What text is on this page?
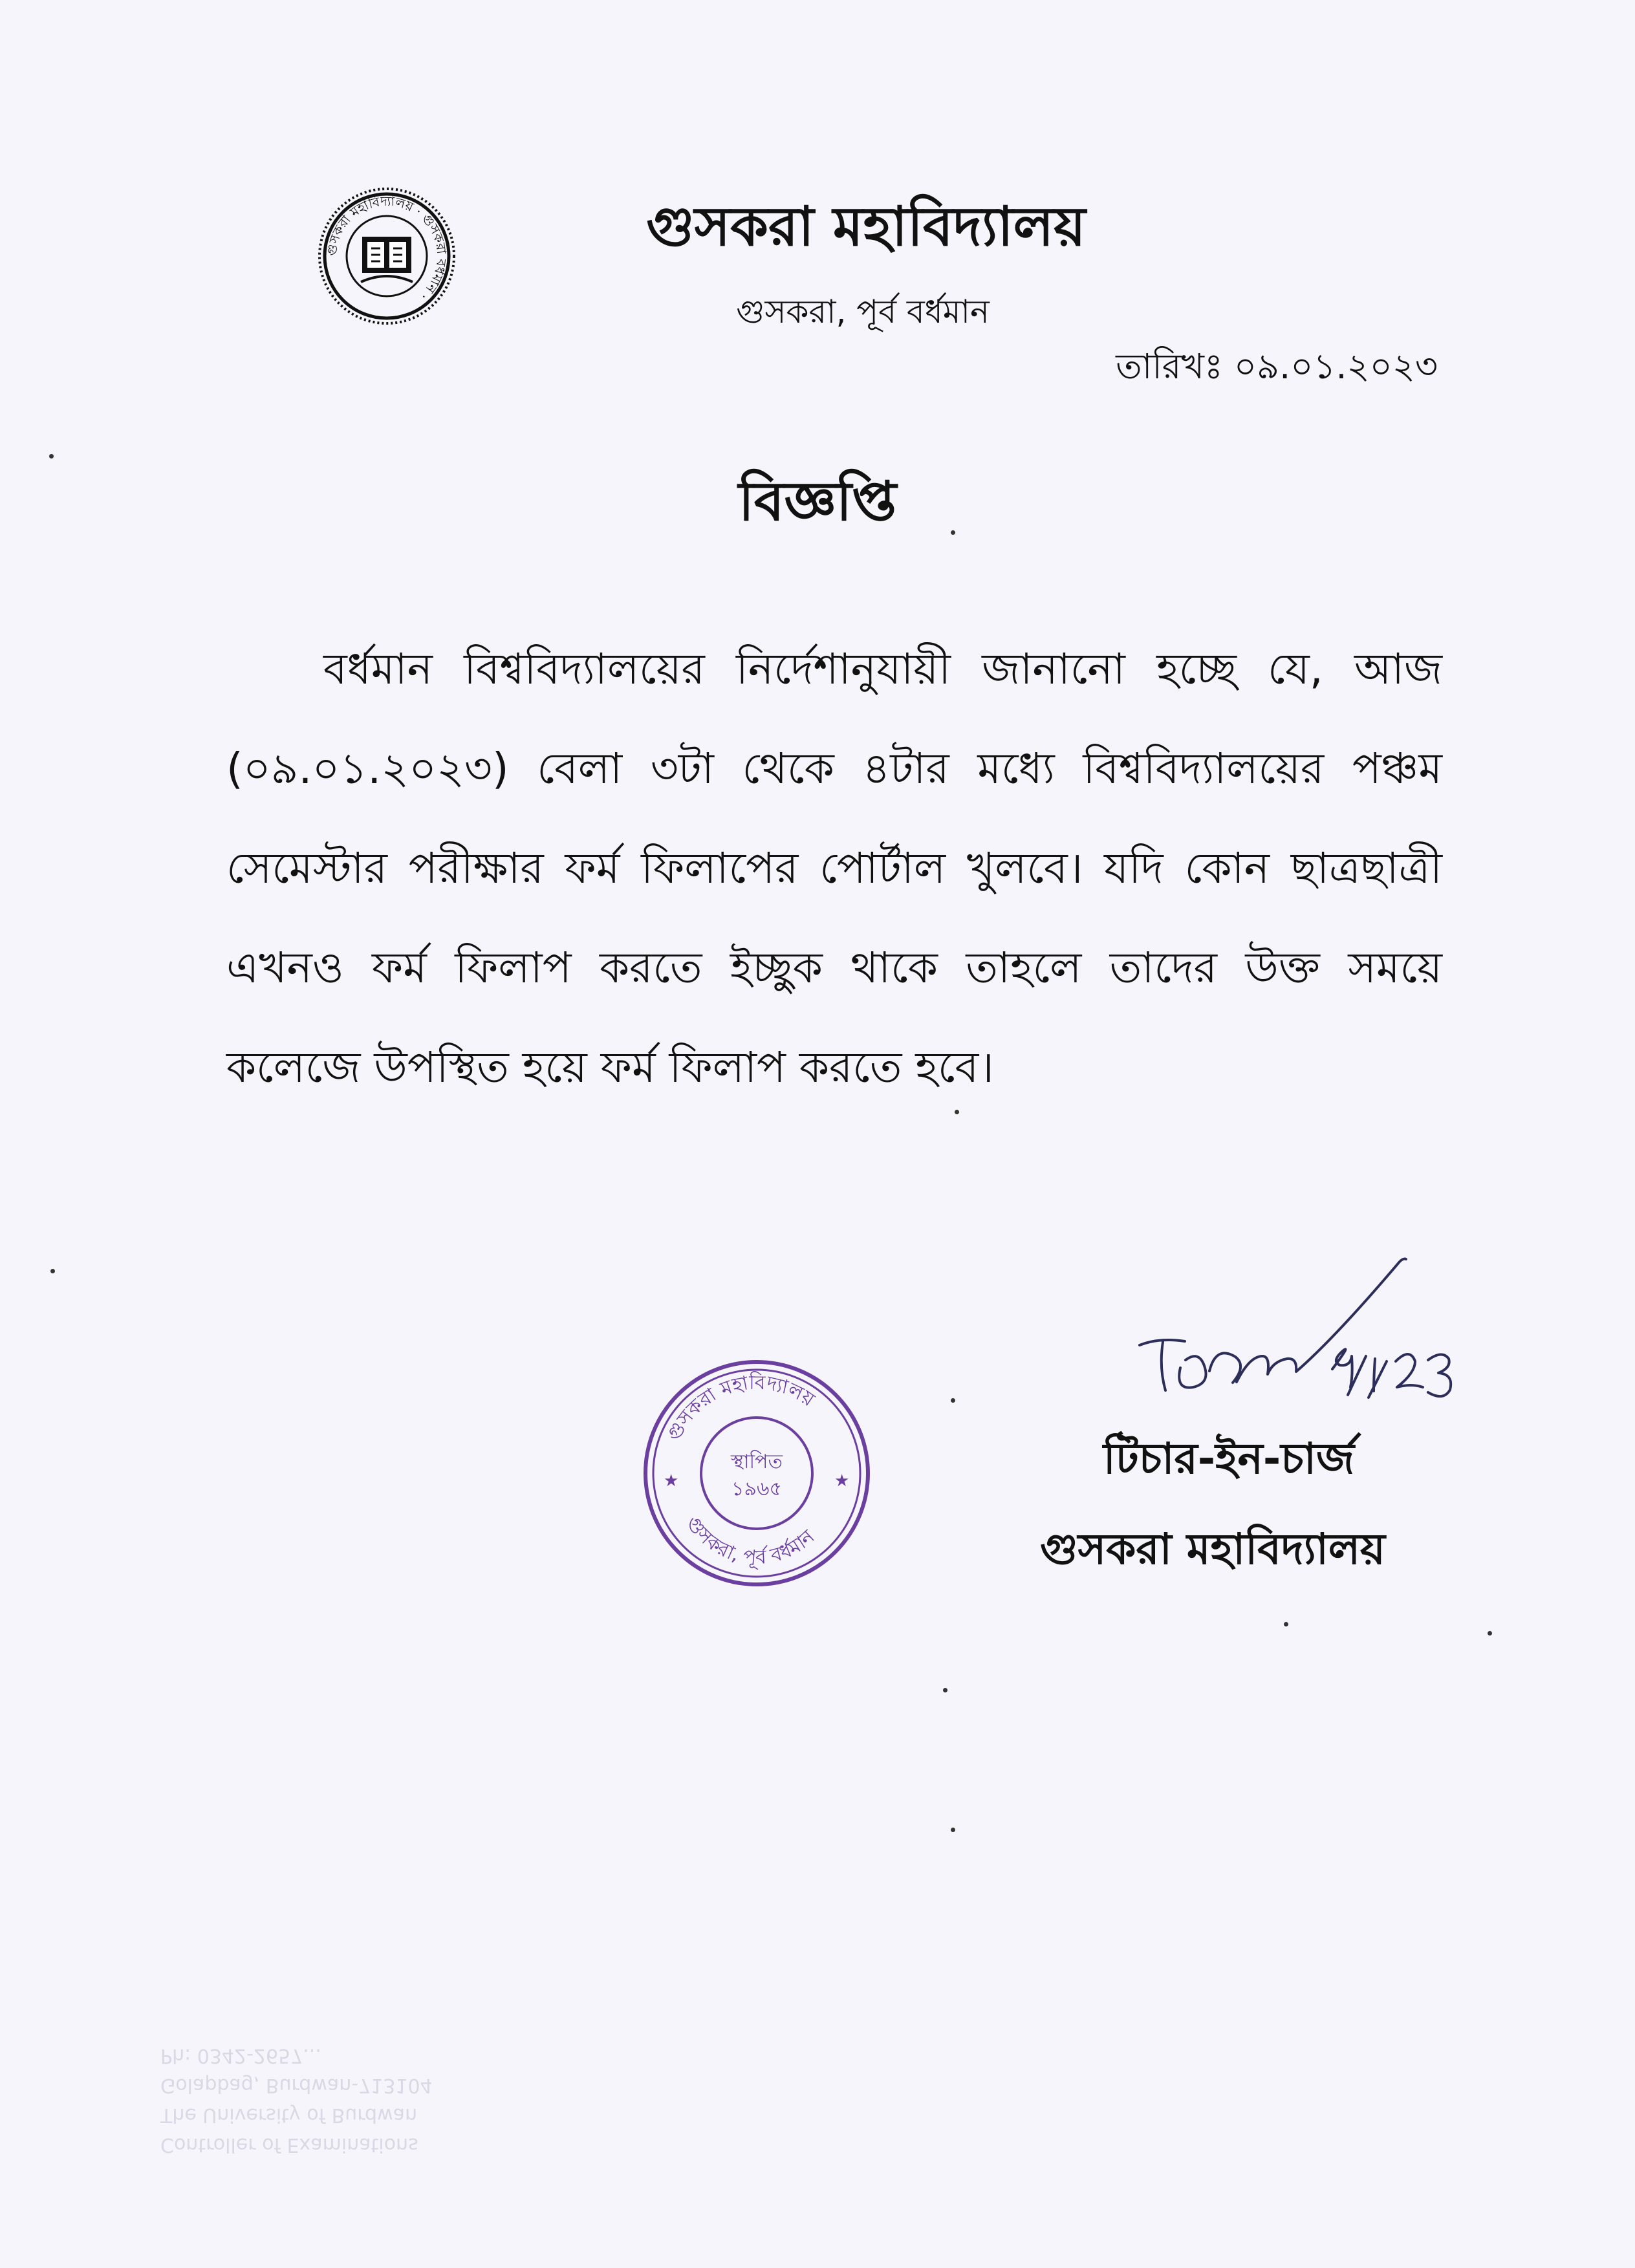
গুসকরা মহাবিদ্যালয় · গুসকরা বর্ধমান ·
গুসকরা মহাবিদ্যালয়
গুসকরা, পূর্ব বর্ধমান
তারিখঃ ০৯.০১.২০২৩
বিজ্ঞপ্তি
বর্ধমান বিশ্ববিদ্যালয়ের নির্দেশানুযায়ী জানানো হচ্ছে যে, আজ (০৯.০১.২০২৩) বেলা ৩টা থেকে ৪টার মধ্যে বিশ্ববিদ্যালয়ের পঞ্চম সেমেস্টার পরীক্ষার ফর্ম ফিলাপের পোর্টাল খুলবে। যদি কোন ছাত্রছাত্রী এখনও ফর্ম ফিলাপ করতে ইচ্ছুক থাকে তাহলে তাদের উক্ত সময়ে কলেজে উপস্থিত হয়ে ফর্ম ফিলাপ করতে হবে।
গুসকরা মহাবিদ্যালয়
গুসকরা, পূর্ব বর্ধমান
★	★
স্থাপিত
১৯৬৫
টিচার-ইন-চার্জ
গুসকরা মহাবিদ্যালয়
Ph: 0342-2657...
Golapbag, Burdwan-713104
The University of Burdwan
Controller of Examinations
